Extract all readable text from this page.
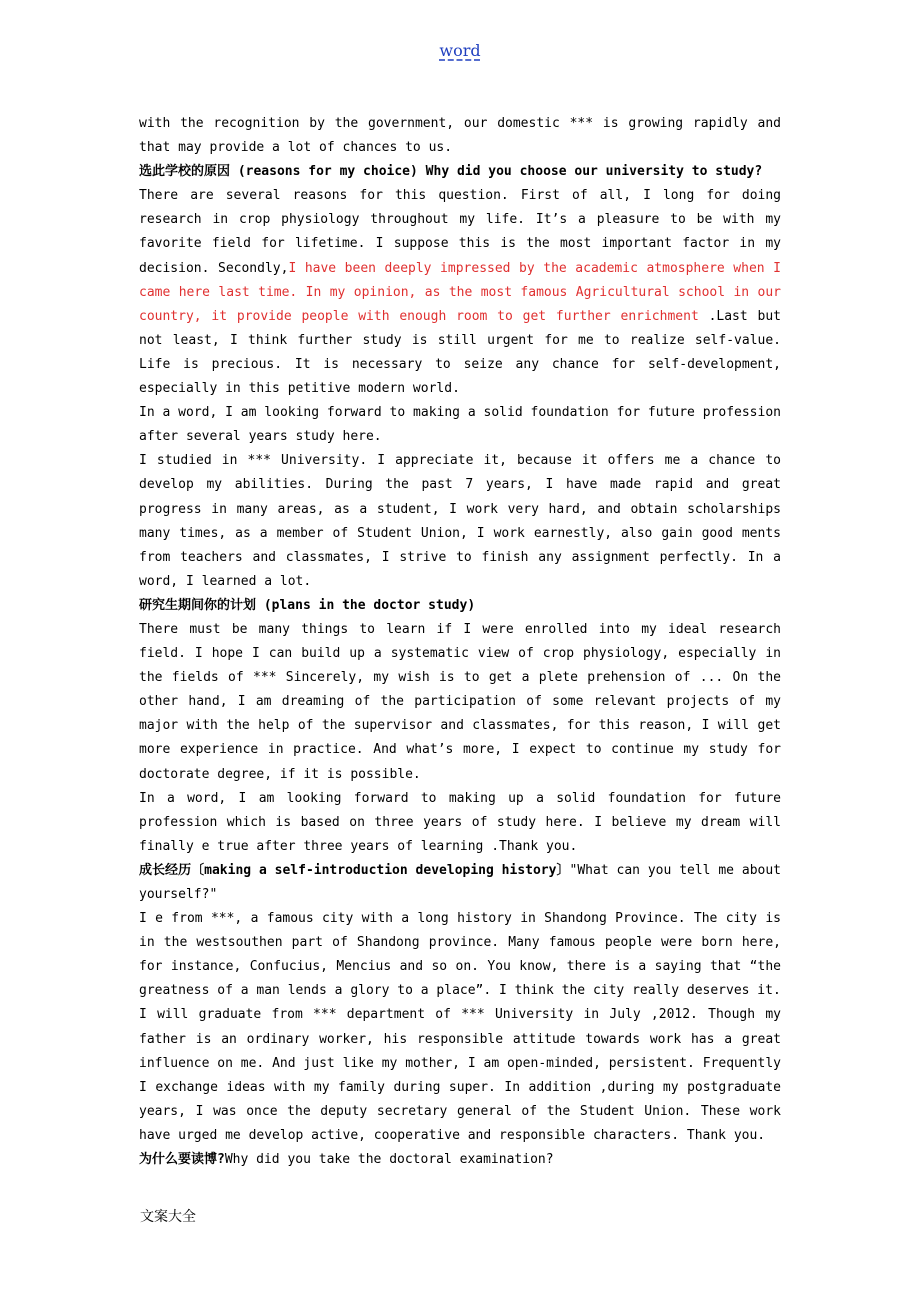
word

with the recognition by the government, our domestic *** is growing rapidly and that may provide a lot of chances to us.

选此学校的原因 (reasons for my choice) Why did you choose our university to study?

There are several reasons for this question. First of all, I long for doing research in crop physiology throughout my life. It’s a pleasure to be with my favorite field for lifetime. I suppose this is the most important factor in my decision. Secondly,I have been deeply impressed by the academic atmosphere when I came here last time. In my opinion, as the most famous Agricultural school in our country, it provide people with enough room to get further enrichment .Last but not least, I think further study is still urgent for me to realize self-value. Life is precious. It is necessary to seize any chance for self-development, especially in this petitive modern world.

In a word, I am looking forward to making a solid foundation for future profession after several years study here.

I studied in *** University. I appreciate it, because it offers me a chance to develop my abilities. During the past 7 years, I have made rapid and great progress in many areas, as a student, I work very hard, and obtain scholarships many times, as a member of Student Union, I work earnestly, also gain good ments from teachers and classmates, I strive to finish any assignment perfectly. In a word, I learned a lot.

研究生期间你的计划 (plans in the doctor study)

There must be many things to learn if I were enrolled into my ideal research field. I hope I can build up a systematic view of crop physiology, especially in the fields of *** Sincerely, my wish is to get a plete prehension of ... On the other hand, I am dreaming of the participation of some relevant projects of my major with the help of the supervisor and classmates, for this reason, I will get more experience in practice. And what’s more, I expect to continue my study for doctorate degree, if it is possible.

In a word, I am looking forward to making up a solid foundation for future profession which is based on three years of study here. I believe my dream will finally e true after three years of learning .Thank you.

成长经历〔making a self-introduction developing history〕"What can you tell me about yourself?"

I e from ***, a famous city with a long history in Shandong Province. The city is in the westsouthen part of Shandong province. Many famous people were born here, for instance, Confucius, Mencius and so on. You know, there is a saying that “the greatness of a man lends a glory to a place”. I think the city really deserves it.

I will graduate from *** department of *** University in July ,2012. Though my father is an ordinary worker, his responsible attitude towards work has a great influence on me. And just like my mother, I am open-minded, persistent. Frequently I exchange ideas with my family during super. In addition ,during my postgraduate years, I was once the deputy secretary general of the Student Union. These work have urged me develop active, cooperative and responsible characters. Thank you.

为什么要读博?Why did you take the doctoral examination?

文案大全
